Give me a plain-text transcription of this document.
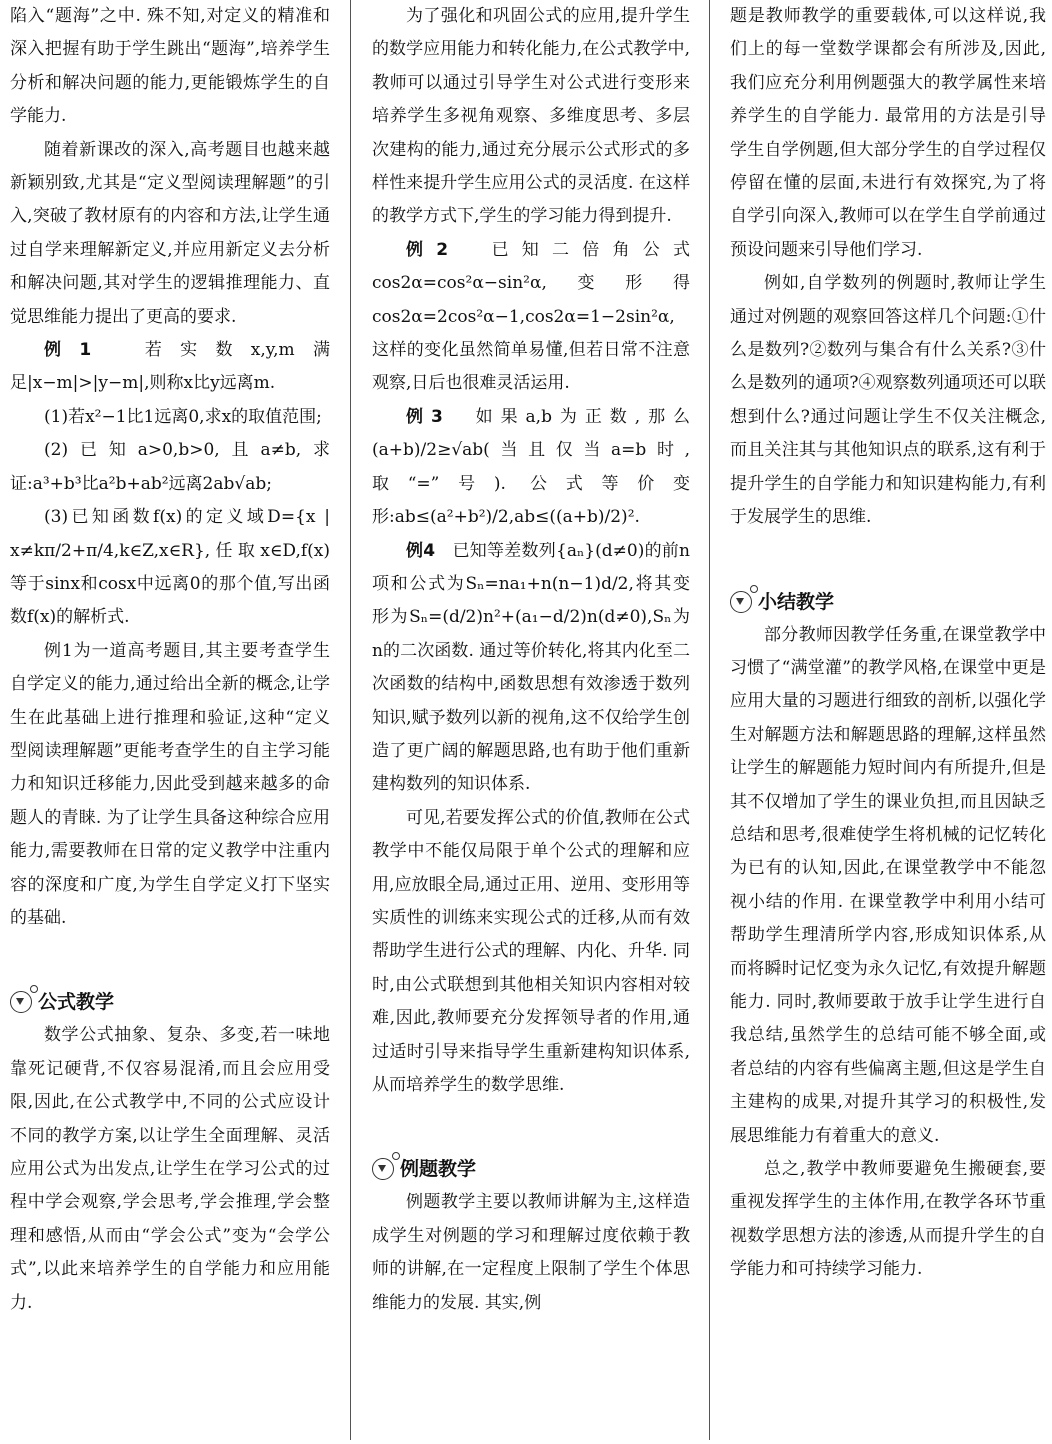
陷入“题海”之中. 殊不知,对定义的精准和深入把握有助于学生跳出“题海”,培养学生分析和解决问题的能力,更能锻炼学生的自学能力.

随着新课改的深入,高考题目也越来越新颖别致,尤其是“定义型阅读理解题”的引入,突破了教材原有的内容和方法,让学生通过自学来理解新定义,并应用新定义去分析和解决问题,其对学生的逻辑推理能力、直觉思维能力提出了更高的要求.

例1　	若实数x,y,m满足|x−m|>|y−m|,则称x比y远离m.

(1)若x²−1比1远离0,求x的取值范围;

(2)已知a>0,b>0,且a≠b,求证:a³+b³比a²b+ab²远离2ab√ab;

(3)已知函数f(x)的定义域D={x | x≠kπ/2+π/4,k∈Z,x∈R},任取x∈D,f(x)等于sinx和cosx中远离0的那个值,写出函数f(x)的解析式.

例1为一道高考题目,其主要考查学生自学定义的能力,通过给出全新的概念,让学生在此基础上进行推理和验证,这种“定义型阅读理解题”更能考查学生的自主学习能力和知识迁移能力,因此受到越来越多的命题人的青睐. 为了让学生具备这种综合应用能力,需要教师在日常的定义教学中注重内容的深度和广度,为学生自学定义打下坚实的基础.

公式教学

数学公式抽象、复杂、多变,若一味地靠死记硬背,不仅容易混淆,而且会应用受限,因此,在公式教学中,不同的公式应设计不同的教学方案,以让学生全面理解、灵活应用公式为出发点,让学生在学习公式的过程中学会观察,学会思考,学会推理,学会整理和感悟,从而由“学会公式”变为“会学公式”,以此来培养学生的自学能力和应用能力.

为了强化和巩固公式的应用,提升学生的数学应用能力和转化能力,在公式教学中,教师可以通过引导学生对公式进行变形来培养学生多视角观察、多维度思考、多层次建构的能力,通过充分展示公式形式的多样性来提升学生应用公式的灵活度. 在这样的教学方式下,学生的学习能力得到提升.

例2　	已知二倍角公式cos2α=cos²α−sin²α,变形得cos2α=2cos²α−1,cos2α=1−2sin²α,这样的变化虽然简单易懂,但若日常不注意观察,日后也很难灵活运用.

例3　 如果a,b为正数,那么(a+b)/2≥√ab(当且仅当a=b时,取“=”号). 公式等价变形:ab≤(a²+b²)/2,ab≤((a+b)/2)².

例4　 已知等差数列{aₙ}(d≠0)的前n项和公式为Sₙ=na₁+n(n−1)d/2,将其变形为Sₙ=(d/2)n²+(a₁−d/2)n(d≠0),Sₙ为n的二次函数. 通过等价转化,将其内化至二次函数的结构中,函数思想有效渗透于数列知识,赋予数列以新的视角,这不仅给学生创造了更广阔的解题思路,也有助于他们重新建构数列的知识体系.

可见,若要发挥公式的价值,教师在公式教学中不能仅局限于单个公式的理解和应用,应放眼全局,通过正用、逆用、变形用等实质性的训练来实现公式的迁移,从而有效帮助学生进行公式的理解、内化、升华. 同时,由公式联想到其他相关知识内容相对较难,因此,教师要充分发挥领导者的作用,通过适时引导来指导学生重新建构知识体系,从而培养学生的数学思维.

例题教学

例题教学主要以教师讲解为主,这样造成学生对例题的学习和理解过度依赖于教师的讲解,在一定程度上限制了学生个体思维能力的发展. 其实,例

题是教师教学的重要载体,可以这样说,我们上的每一堂数学课都会有所涉及,因此,我们应充分利用例题强大的教学属性来培养学生的自学能力. 最常用的方法是引导学生自学例题,但大部分学生的自学过程仅停留在懂的层面,未进行有效探究,为了将自学引向深入,教师可以在学生自学前通过预设问题来引导他们学习.

例如,自学数列的例题时,教师让学生通过对例题的观察回答这样几个问题:①什么是数列?②数列与集合有什么关系?③什么是数列的通项?④观察数列通项还可以联想到什么?通过问题让学生不仅关注概念,而且关注其与其他知识点的联系,这有利于提升学生的自学能力和知识建构能力,有利于发展学生的思维.

小结教学

部分教师因教学任务重,在课堂教学中习惯了“满堂灌”的教学风格,在课堂中更是应用大量的习题进行细致的剖析,以强化学生对解题方法和解题思路的理解,这样虽然让学生的解题能力短时间内有所提升,但是其不仅增加了学生的课业负担,而且因缺乏总结和思考,很难使学生将机械的记忆转化为已有的认知,因此,在课堂教学中不能忽视小结的作用. 在课堂教学中利用小结可帮助学生理清所学内容,形成知识体系,从而将瞬时记忆变为永久记忆,有效提升解题能力. 同时,教师要敢于放手让学生进行自我总结,虽然学生的总结可能不够全面,或者总结的内容有些偏离主题,但这是学生自主建构的成果,对提升其学习的积极性,发展思维能力有着重大的意义.

总之,教学中教师要避免生搬硬套,要重视发挥学生的主体作用,在教学各环节重视数学思想方法的渗透,从而提升学生的自学能力和可持续学习能力.
